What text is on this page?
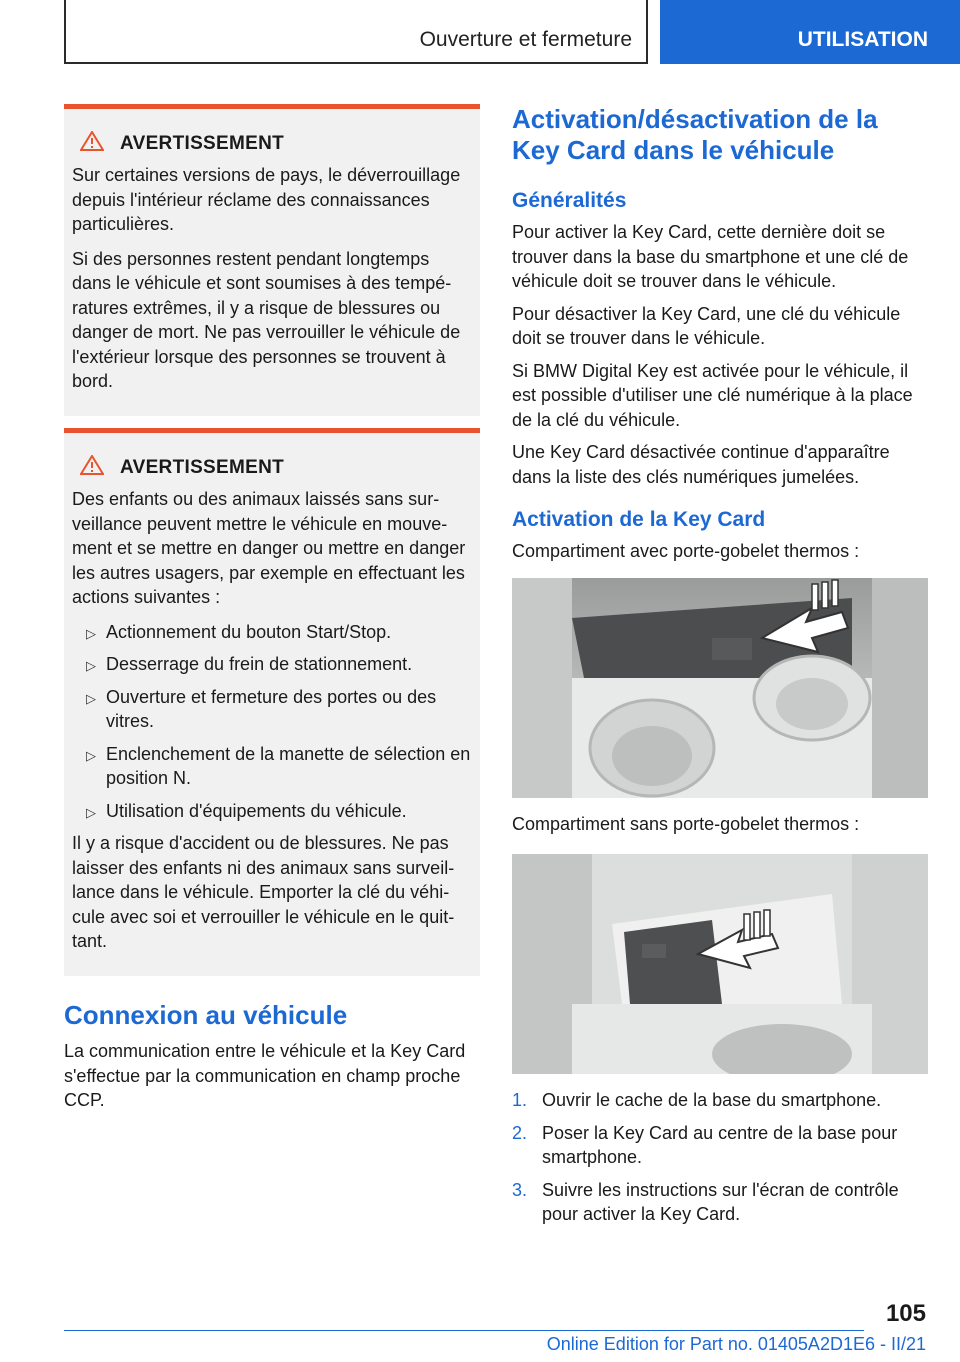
Ouverture et fermeture	UTILISATION
AVERTISSEMENT

Sur certaines versions de pays, le déverrouillage depuis l'intérieur réclame des connaissances particulières.

Si des personnes restent pendant longtemps dans le véhicule et sont soumises à des températures extrêmes, il y a risque de blessures ou danger de mort. Ne pas verrouiller le véhicule de l'extérieur lorsque des personnes se trouvent à bord.

AVERTISSEMENT

Des enfants ou des animaux laissés sans surveillance peuvent mettre le véhicule en mouvement et se mettre en danger ou mettre en danger les autres usagers, par exemple en effectuant les actions suivantes :

▷ Actionnement du bouton Start/Stop.
▷ Desserrage du frein de stationnement.
▷ Ouverture et fermeture des portes ou des vitres.
▷ Enclenchement de la manette de sélection en position N.
▷ Utilisation d'équipements du véhicule.

Il y a risque d'accident ou de blessures. Ne pas laisser des enfants ni des animaux sans surveillance dans le véhicule. Emporter la clé du véhicule avec soi et verrouiller le véhicule en le quittant.

Connexion au véhicule

La communication entre le véhicule et la Key Card s'effectue par la communication en champ proche CCP.

Activation/désactivation de la Key Card dans le véhicule
Généralités

Pour activer la Key Card, cette dernière doit se trouver dans la base du smartphone et une clé de véhicule doit se trouver dans le véhicule.

Pour désactiver la Key Card, une clé du véhicule doit se trouver dans le véhicule.

Si BMW Digital Key est activée pour le véhicule, il est possible d'utiliser une clé numérique à la place de la clé du véhicule.

Une Key Card désactivée continue d'apparaître dans la liste des clés numériques jumelées.

Activation de la Key Card

Compartiment avec porte-gobelet thermos :

Compartiment sans porte-gobelet thermos :

1. Ouvrir le cache de la base du smartphone.
2. Poser la Key Card au centre de la base pour smartphone.
3. Suivre les instructions sur l'écran de contrôle pour activer la Key Card.
105
Online Edition for Part no. 01405A2D1E6 - II/21
